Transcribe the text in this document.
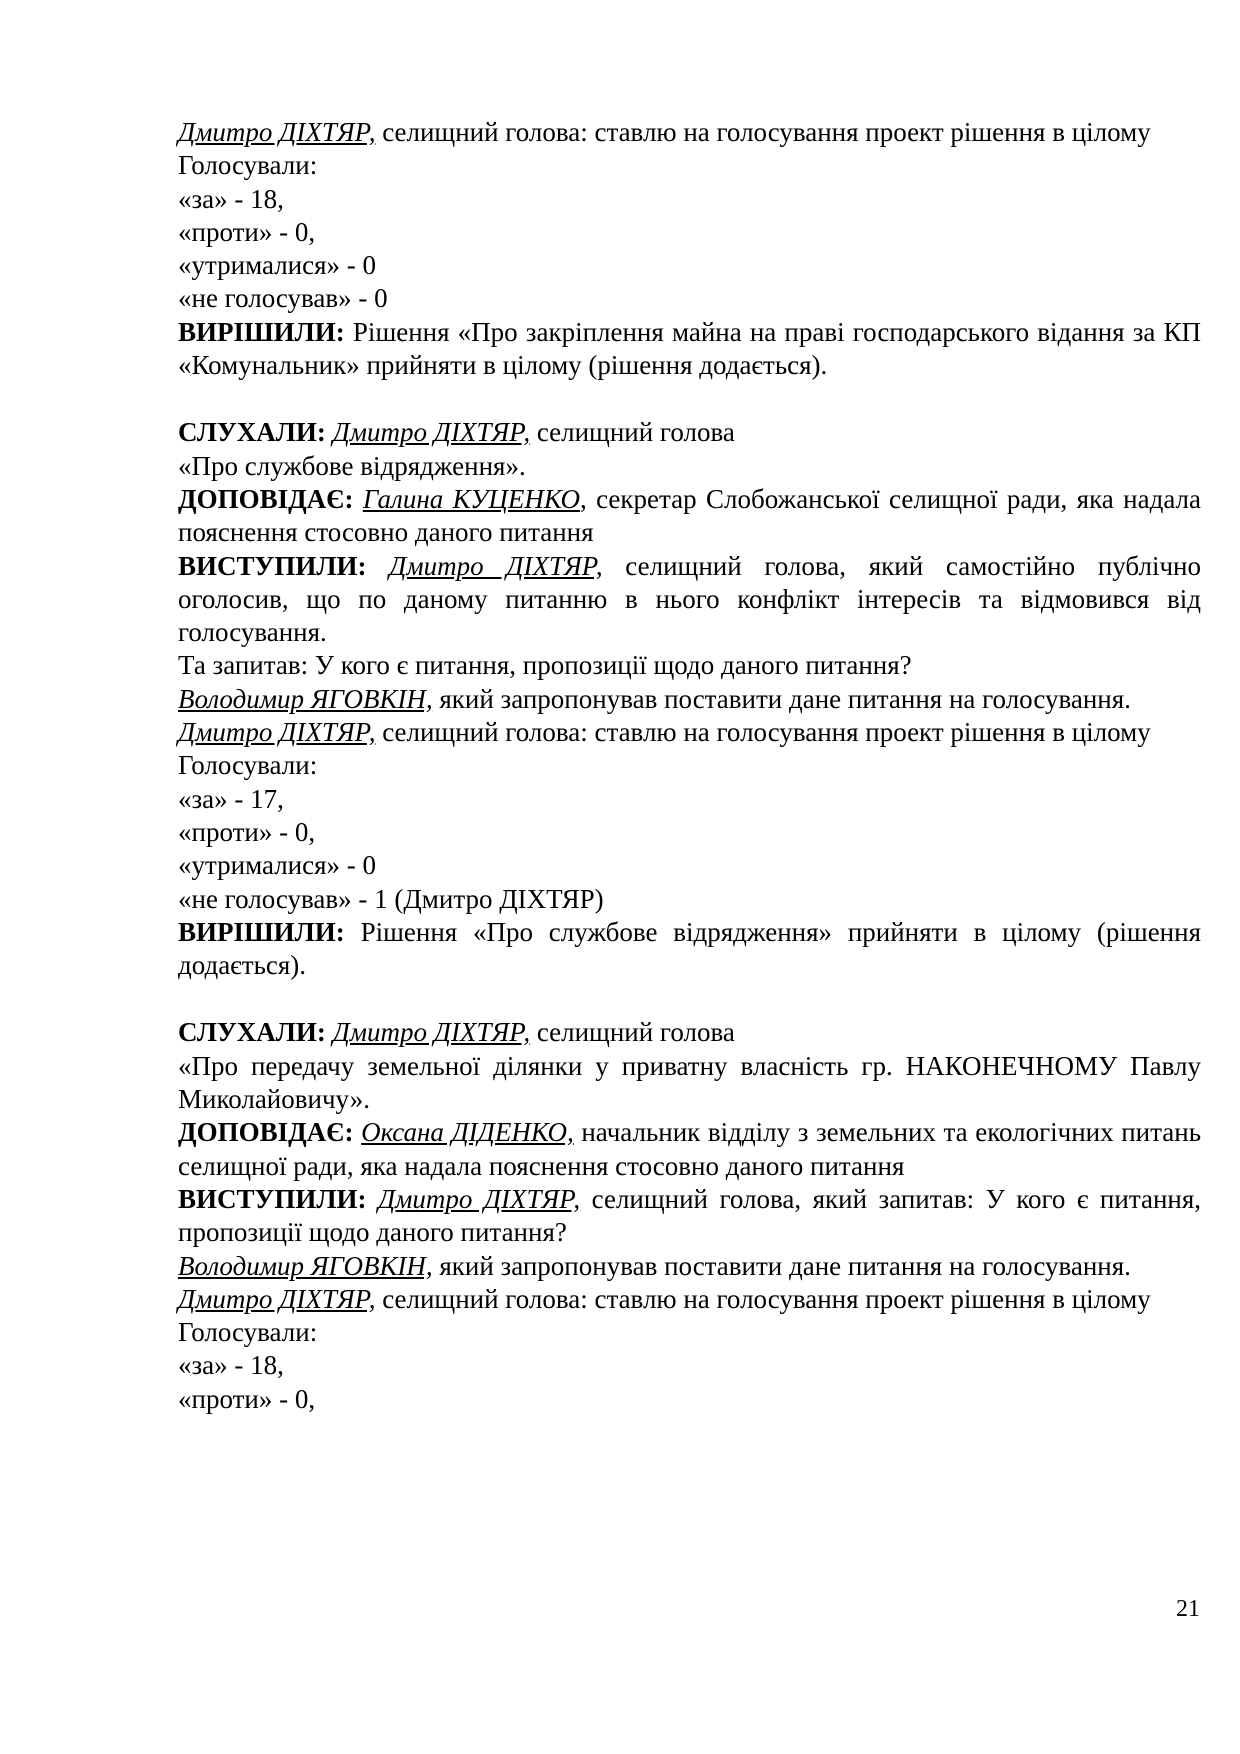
Дмитро ДІХТЯР, селищний голова: ставлю на голосування проект рішення в цілому

Голосували:

«за» - 18,

«проти» - 0,

«утрималися» - 0

«не голосував» - 0

ВИРІШИЛИ: Рішення «Про закріплення майна на праві господарського відання за КП «Комунальник» прийняти в цілому (рішення додається).

СЛУХАЛИ: Дмитро ДІХТЯР, селищний голова

«Про службове відрядження».

ДОПОВІДАЄ: Галина КУЦЕНКО, секретар Слобожанської селищної ради, яка надала пояснення стосовно даного питання

ВИСТУПИЛИ: Дмитро ДІХТЯР, селищний голова, який самостійно публічно оголосив, що по даному питанню в нього конфлікт інтересів та відмовився від голосування.

Та запитав: У кого є питання, пропозиції щодо даного питання?

Володимир ЯГОВКІН, який запропонував поставити дане питання на голосування.

Дмитро ДІХТЯР, селищний голова: ставлю на голосування проект рішення в цілому

Голосували:

«за» - 17,

«проти» - 0,

«утрималися» - 0

«не голосував» - 1 (Дмитро ДІХТЯР)

ВИРІШИЛИ: Рішення «Про службове відрядження» прийняти в цілому (рішення додається).

СЛУХАЛИ: Дмитро ДІХТЯР, селищний голова

«Про передачу земельної ділянки у приватну власність гр. НАКОНЕЧНОМУ Павлу Миколайовичу».

ДОПОВІДАЄ: Оксана ДІДЕНКО, начальник відділу з земельних та екологічних питань селищної ради, яка надала пояснення стосовно даного питання

ВИСТУПИЛИ: Дмитро ДІХТЯР, селищний голова, який запитав: У кого є питання, пропозиції щодо даного питання?

Володимир ЯГОВКІН, який запропонував поставити дане питання на голосування.

Дмитро ДІХТЯР, селищний голова: ставлю на голосування проект рішення в цілому

Голосували:

«за» - 18,

«проти» - 0,

21
